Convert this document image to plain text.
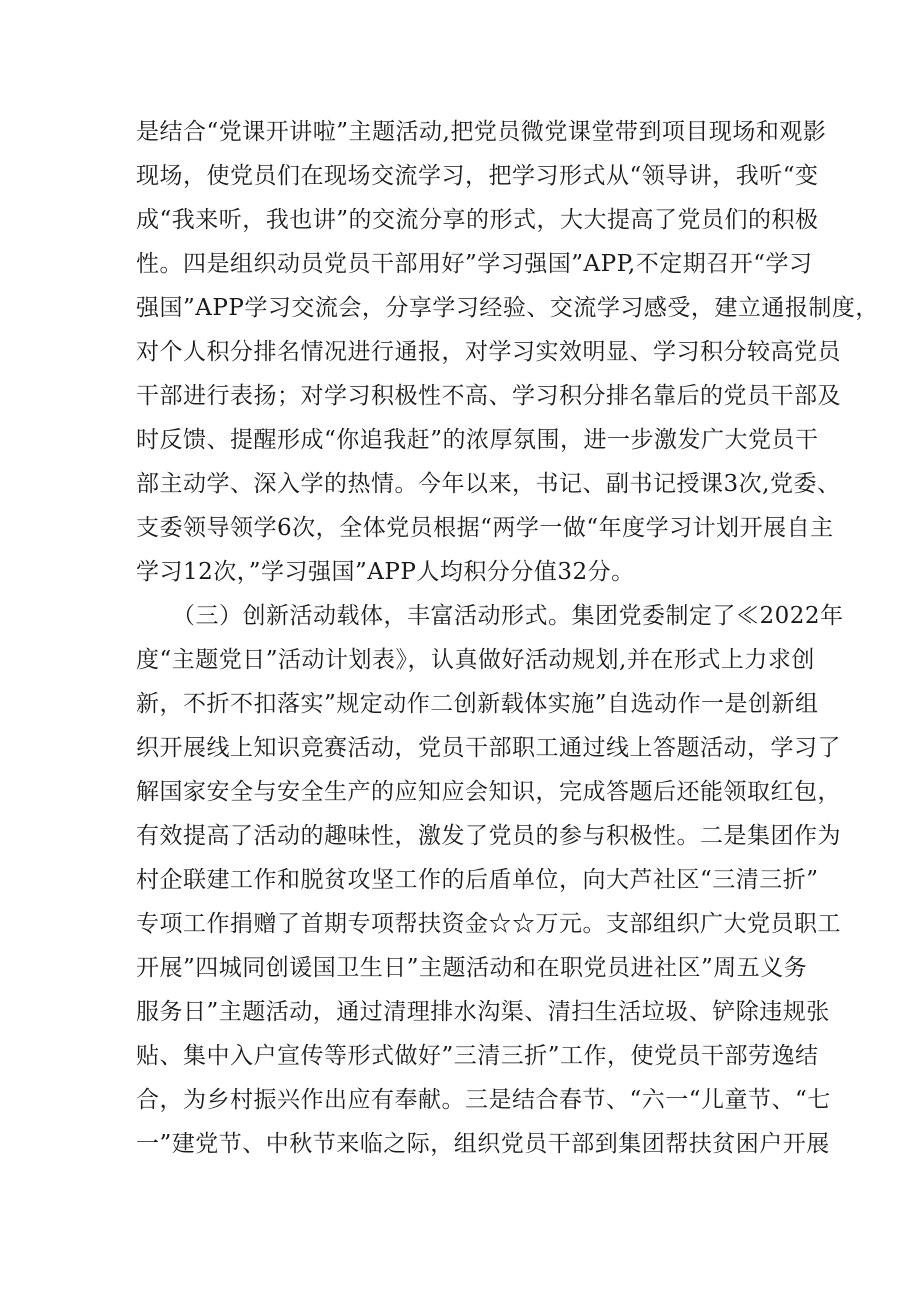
是结合“党课开讲啦”主题活动,把党员微党课堂带到项目现场和观影
现场，使党员们在现场交流学习，把学习形式从“领导讲，我听“变
成“我来听，我也讲”的交流分享的形式，大大提高了党员们的积极
性。四是组织动员党员干部用好”学习强国”APP,不定期召开“学习
强国”APP学习交流会，分享学习经验、交流学习感受，建立通报制度，
对个人积分排名情况进行通报，对学习实效明显、学习积分较高党员
干部进行表扬；对学习积极性不高、学习积分排名靠后的党员干部及
时反馈、提醒形成“你追我赶”的浓厚氛围，进一步激发广大党员干
部主动学、深入学的热情。今年以来，书记、副书记授课3次,党委、
支委领导领学6次，全体党员根据“两学一做“年度学习计划开展自主
学习12次，”学习强国”APP人均积分分值32分。
（三）创新活动载体，丰富活动形式。集团党委制定了≪2022年
度“主题党日”活动计划表》，认真做好活动规划,并在形式上力求创
新，不折不扣落实”规定动作二创新载体实施”自选动作一是创新组
织开展线上知识竞赛活动，党员干部职工通过线上答题活动，学习了
解国家安全与安全生产的应知应会知识，完成答题后还能领取红包，
有效提高了活动的趣味性，激发了党员的参与积极性。二是集团作为
村企联建工作和脱贫攻坚工作的后盾单位，向大芦社区“三清三折”
专项工作捐赠了首期专项帮扶资金☆☆万元。支部组织广大党员职工
开展”四城同创谖国卫生日”主题活动和在职党员进社区”周五义务
服务日”主题活动，通过清理排水沟渠、清扫生活垃圾、铲除违规张
贴、集中入户宣传等形式做好”三清三折”工作，使党员干部劳逸结
合，为乡村振兴作出应有奉献。三是结合春节、“六一“儿童节、“七
一”建党节、中秋节来临之际，组织党员干部到集团帮扶贫困户开展
